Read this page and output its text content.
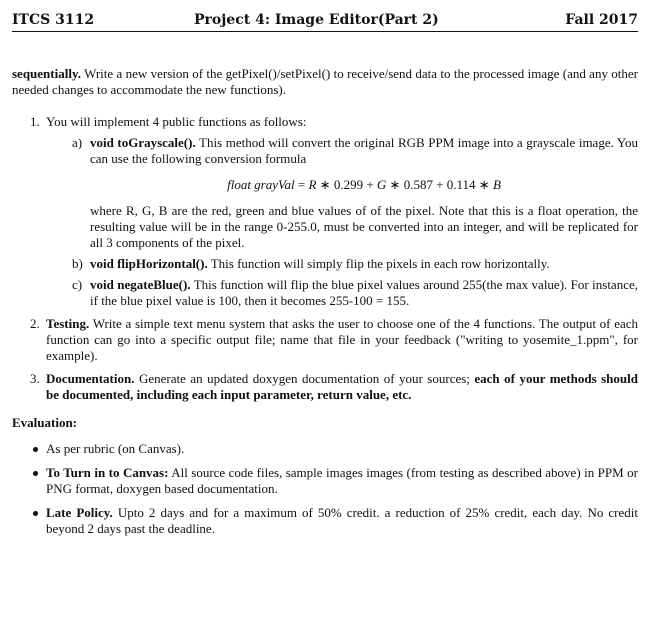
ITCS 3112	Project 4: Image Editor(Part 2)	Fall 2017

sequentially. Write a new version of the getPixel()/setPixel() to receive/send data to the processed image (and any other needed changes to accommodate the new functions).

1. You will implement 4 public functions as follows:

a) void toGrayscale(). This method will convert the original RGB PPM image into a grayscale image. You can use the following conversion formula

float grayVal = R ∗ 0.299 + G ∗ 0.587 + 0.114 ∗ B

where R, G, B are the red, green and blue values of of the pixel. Note that this is a float operation, the resulting value will be in the range 0-255.0, must be converted into an integer, and will be replicated for all 3 components of the pixel.

b) void flipHorizontal(). This function will simply flip the pixels in each row horizontally.

c) void negateBlue(). This function will flip the blue pixel values around 255(the max value). For instance, if the blue pixel value is 100, then it becomes 255-100 = 155.

2. Testing. Write a simple text menu system that asks the user to choose one of the 4 functions. The output of each function can go into a specific output file; name that file in your feedback ("writing to yosemite_1.ppm", for example).

3. Documentation. Generate an updated doxygen documentation of your sources; each of your methods should be documented, including each input parameter, return value, etc.

Evaluation:

As per rubric (on Canvas).

To Turn in to Canvas: All source code files, sample images images (from testing as described above) in PPM or PNG format, doxygen based documentation.

Late Policy. Upto 2 days and for a maximum of 50% credit. a reduction of 25% credit, each day. No credit beyond 2 days past the deadline.
